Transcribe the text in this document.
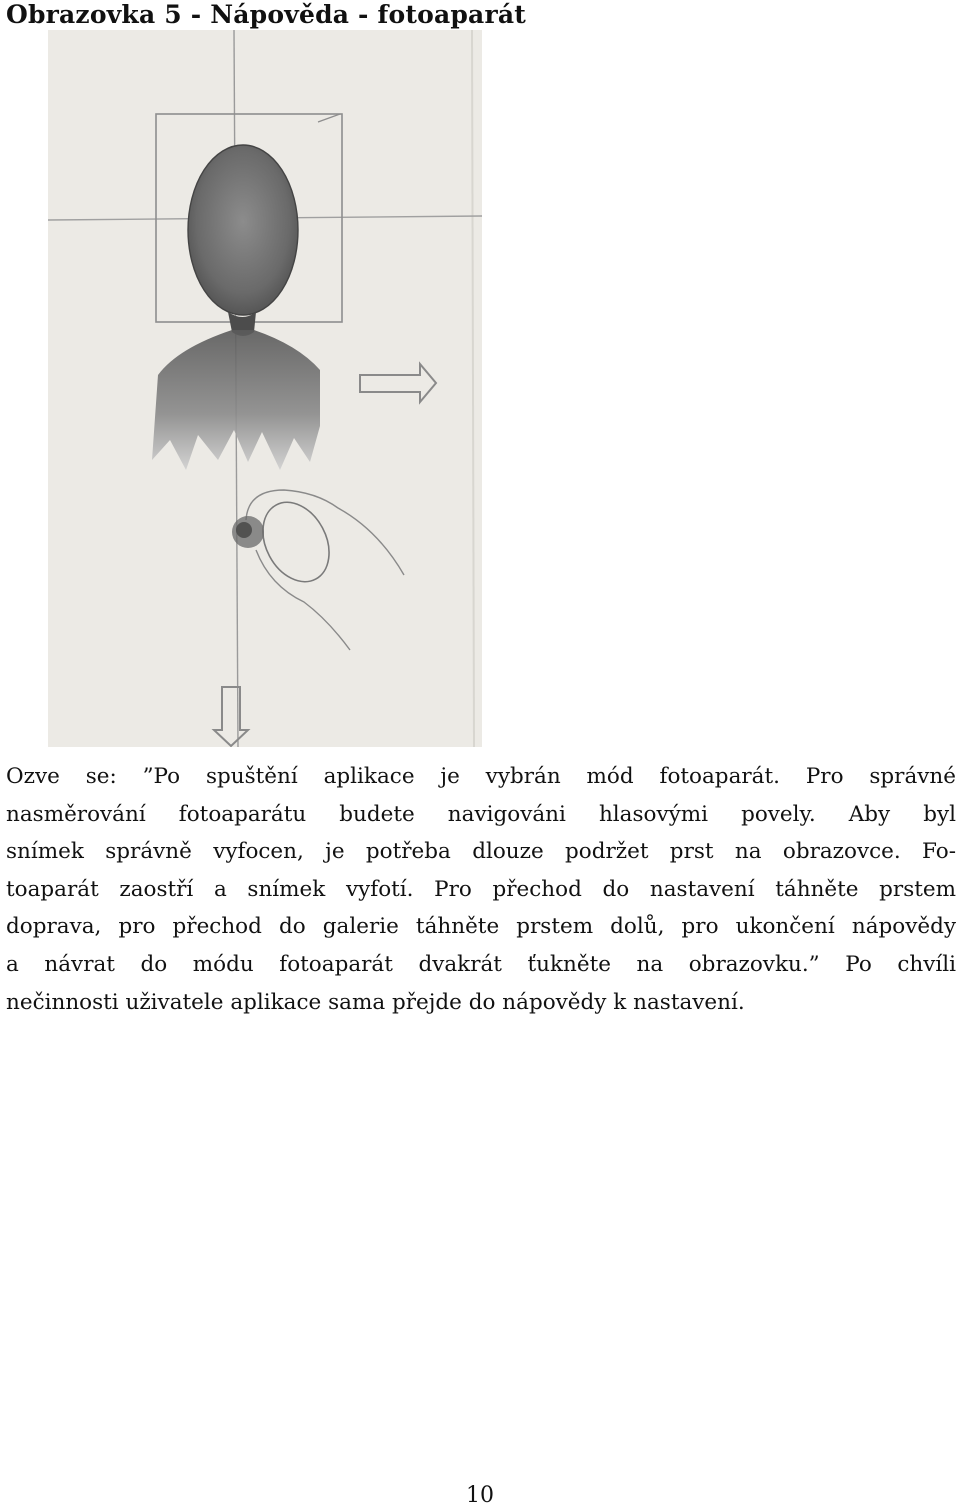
Obrazovka 5 - Nápověda - fotoaparát

Ozve se: ”Po spuštění aplikace je vybrán mód fotoaparát. Pro správné
nasměrování fotoaparátu budete navigováni hlasovými povely. Aby byl
snímek správně vyfocen, je potřeba dlouze podržet prst na obrazovce. Fo-
toaparát zaostří a snímek vyfotí. Pro přechod do nastavení táhněte prstem
doprava, pro přechod do galerie táhněte prstem dolů, pro ukončení nápovědy
a návrat do módu fotoaparát dvakrát ťukněte na obrazovku.” Po chvíli
nečinnosti uživatele aplikace sama přejde do nápovědy k nastavení.

10
